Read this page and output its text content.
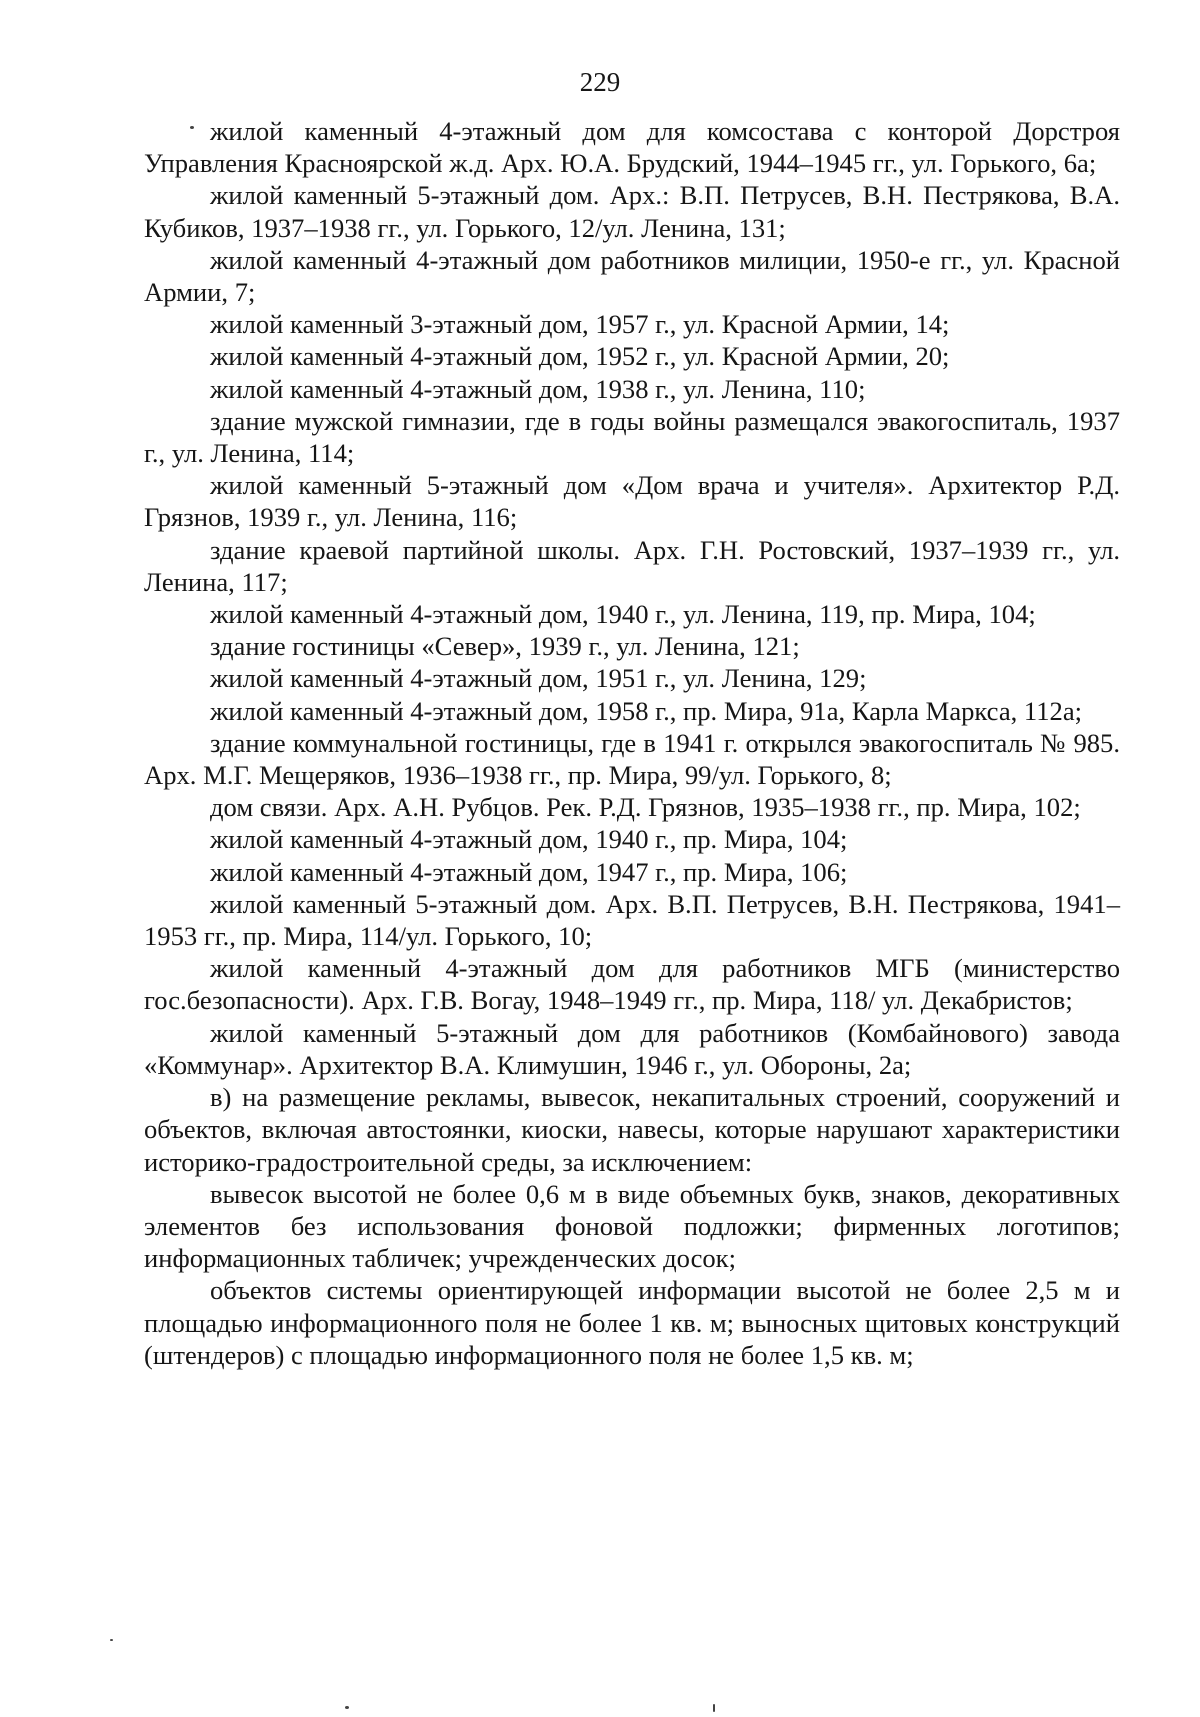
229

жилой каменный 4-этажный дом для комсостава с конторой Дорстроя Управления Красноярской ж.д. Арх. Ю.А. Брудский, 1944–1945 гг., ул. Горького, 6а;

жилой каменный 5-этажный дом. Арх.: В.П. Петрусев, В.Н. Пестрякова, В.А. Кубиков, 1937–1938 гг., ул. Горького, 12/ул. Ленина, 131;

жилой каменный 4-этажный дом работников милиции, 1950-е гг., ул. Красной Армии, 7;

жилой каменный 3-этажный дом, 1957 г., ул. Красной Армии, 14;

жилой каменный 4-этажный дом, 1952 г., ул. Красной Армии, 20;

жилой каменный 4-этажный дом, 1938 г., ул. Ленина, 110;

здание мужской гимназии, где в годы войны размещался эвакогоспиталь, 1937 г., ул. Ленина, 114;

жилой каменный 5-этажный дом «Дом врача и учителя». Архитектор Р.Д. Грязнов, 1939 г., ул. Ленина, 116;

здание краевой партийной школы. Арх. Г.Н. Ростовский, 1937–1939 гг., ул. Ленина, 117;

жилой каменный 4-этажный дом, 1940 г., ул. Ленина, 119, пр. Мира, 104;

здание гостиницы «Север», 1939 г., ул. Ленина, 121;

жилой каменный 4-этажный дом, 1951 г., ул. Ленина, 129;

жилой каменный 4-этажный дом, 1958 г., пр. Мира, 91а, Карла Маркса, 112а;

здание коммунальной гостиницы, где в 1941 г. открылся эвакогоспиталь № 985. Арх. М.Г. Мещеряков, 1936–1938 гг., пр. Мира, 99/ул. Горького, 8;

дом связи. Арх. А.Н. Рубцов. Рек. Р.Д. Грязнов, 1935–1938 гг., пр. Мира, 102;

жилой каменный 4-этажный дом, 1940 г., пр. Мира, 104;

жилой каменный 4-этажный дом, 1947 г., пр. Мира, 106;

жилой каменный 5-этажный дом. Арх. В.П. Петрусев, В.Н. Пестрякова, 1941–1953 гг., пр. Мира, 114/ул. Горького, 10;

жилой каменный 4-этажный дом для работников МГБ (министерство гос.безопасности). Арх. Г.В. Вогау, 1948–1949 гг., пр. Мира, 118/ ул. Декабристов;

жилой каменный 5-этажный дом для работников (Комбайнового) завода «Коммунар». Архитектор В.А. Климушин, 1946 г., ул. Обороны, 2а;

в) на размещение рекламы, вывесок, некапитальных строений, сооружений и объектов, включая автостоянки, киоски, навесы, которые нарушают характеристики историко-градостроительной среды, за исключением:

вывесок высотой не более 0,6 м в виде объемных букв, знаков, декоративных элементов без использования фоновой подложки; фирменных логотипов; информационных табличек; учрежденческих досок;

объектов системы ориентирующей информации высотой не более 2,5 м и площадью информационного поля не более 1 кв. м; выносных щитовых конструкций (штендеров) с площадью информационного поля не более 1,5 кв. м;
